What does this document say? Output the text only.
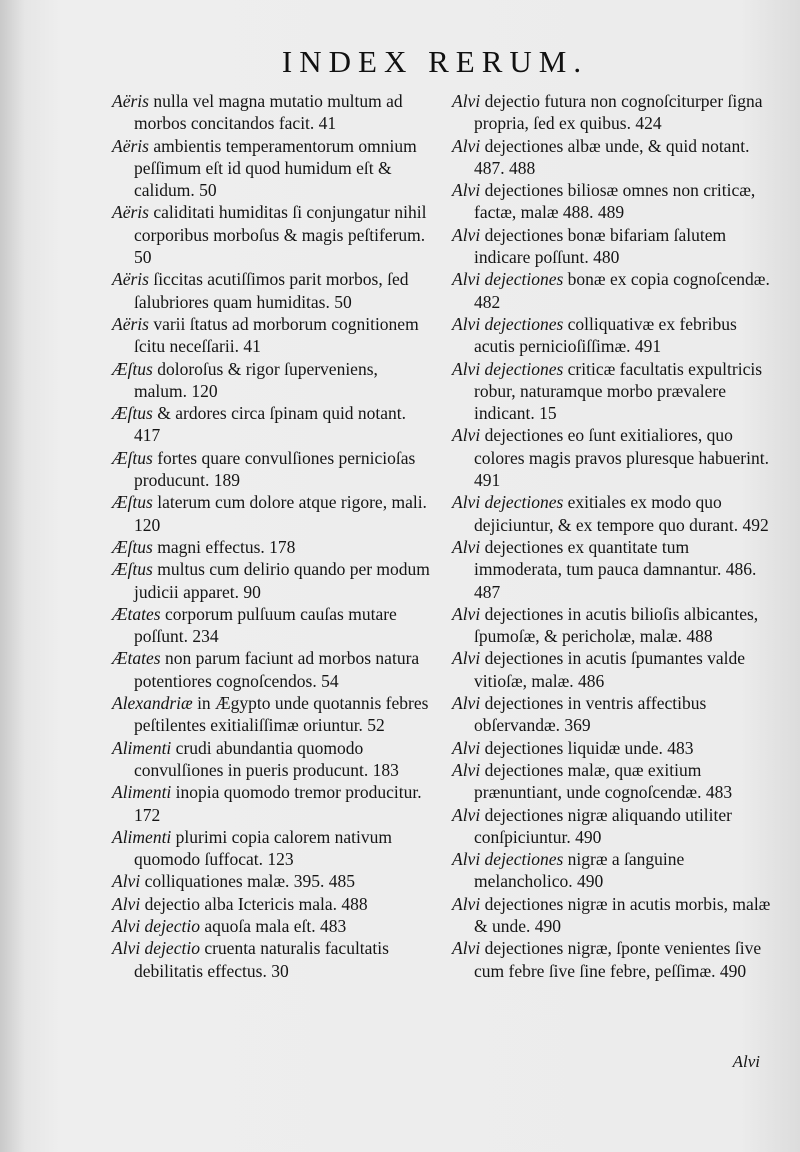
INDEX RERUM.
Aëris nulla vel magna mutatio multum ad morbos concitandos facit. 41
Aëris ambientis temperamentorum omnium peſſimum eſt id quod humidum eſt & calidum. 50
Aëris caliditati humiditas ſi conjungatur nihil corporibus morboſus & magis peſtiferum. 50
Aëris ſiccitas acutiſſimos parit morbos, ſed ſalubriores quam humiditas. 50
Aëris varii ſtatus ad morborum cognitionem ſcitu neceſſarii. 41
Æſtus doloroſus & rigor ſuperveniens, malum. 120
Æſtus & ardores circa ſpinam quid notant. 417
Æſtus fortes quare convulſiones pernicioſas producunt. 189
Æſtus laterum cum dolore atque rigore, mali. 120
Æſtus magni effectus. 178
Æſtus multus cum delirio quando per modum judicii apparet. 90
Ætates corporum pulſuum cauſas mutare poſſunt. 234
Ætates non parum faciunt ad morbos natura potentiores cognoſcendos. 54
Alexandriæ in Ægypto unde quotannis febres peſtilentes exitialiſſimæ oriuntur. 52
Alimenti crudi abundantia quomodo convulſiones in pueris producunt. 183
Alimenti inopia quomodo tremor producitur. 172
Alimenti plurimi copia calorem nativum quomodo ſuffocat. 123
Alvi colliquationes malæ. 395. 485
Alvi dejectio alba Ictericis mala. 488
Alvi dejectio aquoſa mala eſt. 483
Alvi dejectio cruenta naturalis facultatis debilitatis effectus. 30
Alvi dejectio futura non cognoſciturper ſigna propria, ſed ex quibus. 424
Alvi dejectiones albæ unde, & quid notant. 487. 488
Alvi dejectiones biliosæ omnes non criticæ, factæ, malæ 488. 489
Alvi dejectiones bonæ bifariam ſalutem indicare poſſunt. 480
Alvi dejectiones bonæ ex copia cognoſcendæ. 482
Alvi dejectiones colliquativæ ex febribus acutis pernicioſiſſimæ. 491
Alvi dejectiones criticæ facultatis expultricis robur, naturamque morbo prævalere indicant. 15
Alvi dejectiones eo ſunt exitialiores, quo colores magis pravos pluresque habuerint. 491
Alvi dejectiones exitiales ex modo quo dejiciuntur, & ex tempore quo durant. 492
Alvi dejectiones ex quantitate tum immoderata, tum pauca damnantur. 486. 487
Alvi dejectiones in acutis bilioſis albicantes, ſpumoſæ, & pericholæ, malæ. 488
Alvi dejectiones in acutis ſpumantes valde vitioſæ, malæ. 486
Alvi dejectiones in ventris affectibus obſervandæ. 369
Alvi dejectiones liquidæ unde. 483
Alvi dejectiones malæ, quæ exitium prænuntiant, unde cognoſcendæ. 483
Alvi dejectiones nigræ aliquando utiliter conſpiciuntur. 490
Alvi dejectiones nigræ a ſanguine melancholico. 490
Alvi dejectiones nigræ in acutis morbis, malæ & unde. 490
Alvi dejectiones nigræ, ſponte venientes ſive cum febre ſive ſine febre, peſſimæ. 490
Alvi
